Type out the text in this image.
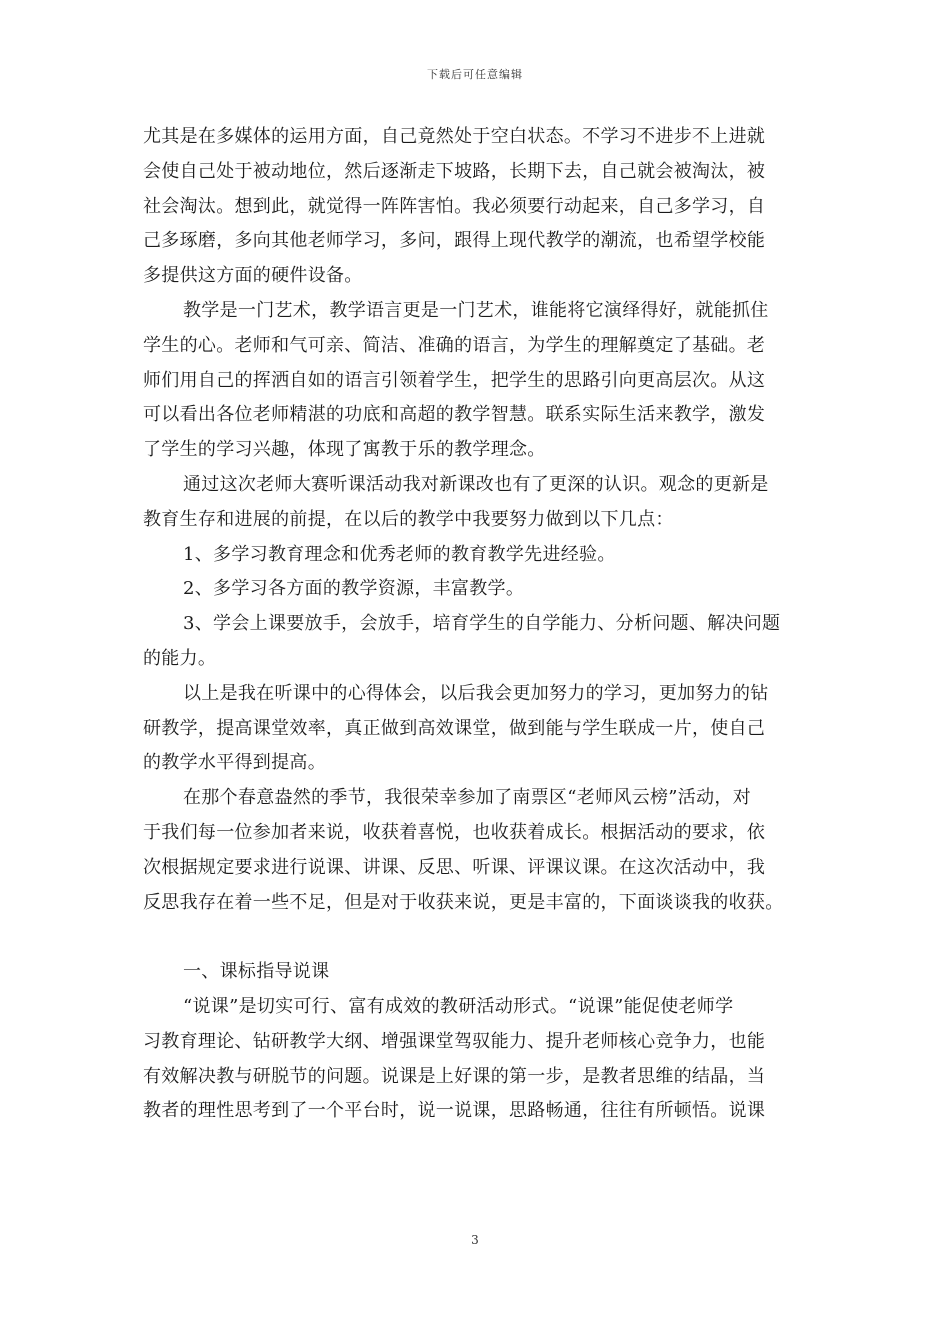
下载后可任意编辑
尤其是在多媒体的运用方面，自己竟然处于空白状态。不学习不进步不上进就
会使自己处于被动地位，然后逐渐走下坡路，长期下去，自己就会被淘汰，被
社会淘汰。想到此，就觉得一阵阵害怕。我必须要行动起来，自己多学习，自
己多琢磨，多向其他老师学习，多问，跟得上现代教学的潮流，也希望学校能
多提供这方面的硬件设备。
教学是一门艺术，教学语言更是一门艺术，谁能将它演绎得好，就能抓住
学生的心。老师和气可亲、简洁、准确的语言，为学生的理解奠定了基础。老
师们用自己的挥洒自如的语言引领着学生，把学生的思路引向更高层次。从这
可以看出各位老师精湛的功底和高超的教学智慧。联系实际生活来教学，激发
了学生的学习兴趣，体现了寓教于乐的教学理念。
通过这次老师大赛听课活动我对新课改也有了更深的认识。观念的更新是
教育生存和进展的前提，在以后的教学中我要努力做到以下几点：
1、多学习教育理念和优秀老师的教育教学先进经验。
2、多学习各方面的教学资源，丰富教学。
3、学会上课要放手，会放手，培育学生的自学能力、分析问题、解决问题
的能力。
以上是我在听课中的心得体会，以后我会更加努力的学习，更加努力的钻
研教学，提高课堂效率，真正做到高效课堂，做到能与学生联成一片，使自己
的教学水平得到提高。
在那个春意盎然的季节，我很荣幸参加了南票区“老师风云榜”活动，对
于我们每一位参加者来说，收获着喜悦，也收获着成长。根据活动的要求，依
次根据规定要求进行说课、讲课、反思、听课、评课议课。在这次活动中，我
反思我存在着一些不足，但是对于收获来说，更是丰富的，下面谈谈我的收获。
一、课标指导说课
“说课”是切实可行、富有成效的教研活动形式。“说课”能促使老师学
习教育理论、钻研教学大纲、增强课堂驾驭能力、提升老师核心竞争力，也能
有效解决教与研脱节的问题。说课是上好课的第一步，是教者思维的结晶，当
教者的理性思考到了一个平台时，说一说课，思路畅通，往往有所顿悟。说课
3
